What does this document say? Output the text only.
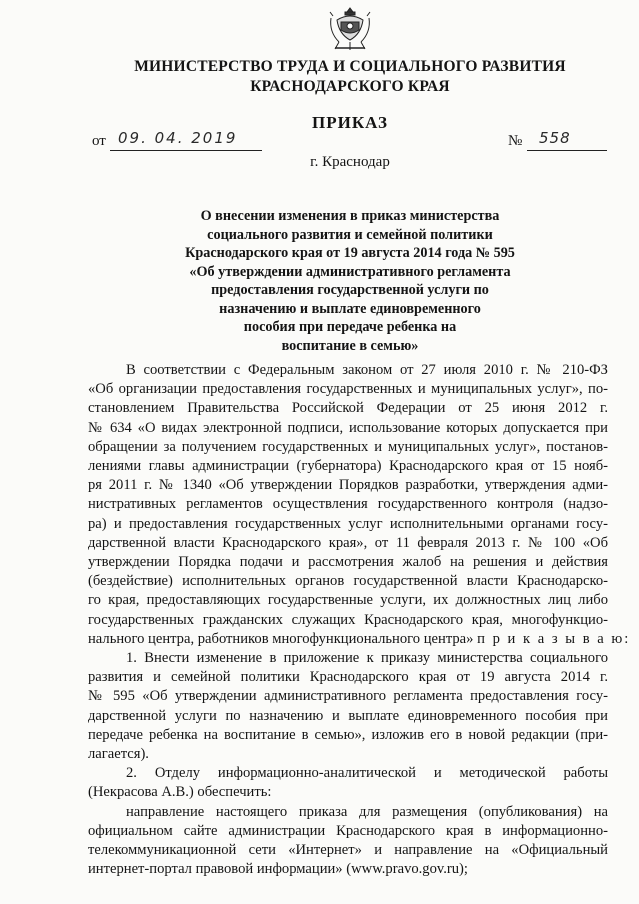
МИНИСТЕРСТВО ТРУДА И СОЦИАЛЬНОГО РАЗВИТИЯ
КРАСНОДАРСКОГО КРАЯ
ПРИКАЗ
от 09. 04. 2019	№ 558
г. Краснодар
О внесении изменения в приказ министерства
социального развития и семейной политики
Краснодарского края от 19 августа 2014 года № 595
«Об утверждении административного регламента
предоставления государственной услуги по
назначению и выплате единовременного
пособия при передаче ребенка на
воспитание в семью»
В соответствии с Федеральным законом от 27 июля 2010 г. № 210-ФЗ
«Об организации предоставления государственных и муниципальных услуг», по-
становлением Правительства Российской Федерации от 25 июня 2012 г.
№ 634 «О видах электронной подписи, использование которых допускается при
обращении за получением государственных и муниципальных услуг», постанов-
лениями главы администрации (губернатора) Краснодарского края от 15 нояб-
ря 2011 г. № 1340 «Об утверждении Порядков разработки, утверждения адми-
нистративных регламентов осуществления государственного контроля (надзо-
ра) и предоставления государственных услуг исполнительными органами госу-
дарственной власти Краснодарского края», от 11 февраля 2013 г. № 100 «Об
утверждении Порядка подачи и рассмотрения жалоб на решения и действия
(бездействие) исполнительных органов государственной власти Краснодарско-
го края, предоставляющих государственные услуги, их должностных лиц либо
государственных гражданских служащих Краснодарского края, многофункцио-
нального центра, работников многофункционального центра» п р и к а з ы в а ю:
1. Внести изменение в приложение к приказу министерства социального
развития и семейной политики Краснодарского края от 19 августа 2014 г.
№ 595 «Об утверждении административного регламента предоставления госу-
дарственной услуги по назначению и выплате единовременного пособия при
передаче ребенка на воспитание в семью», изложив его в новой редакции (при-
лагается).
2. Отделу информационно-аналитической и методической работы
(Некрасова А.В.) обеспечить:
направление настоящего приказа для размещения (опубликования) на
официальном сайте администрации Краснодарского края в информационно-
телекоммуникационной сети «Интернет» и направление на «Официальный
интернет-портал правовой информации» (www.pravo.gov.ru);
